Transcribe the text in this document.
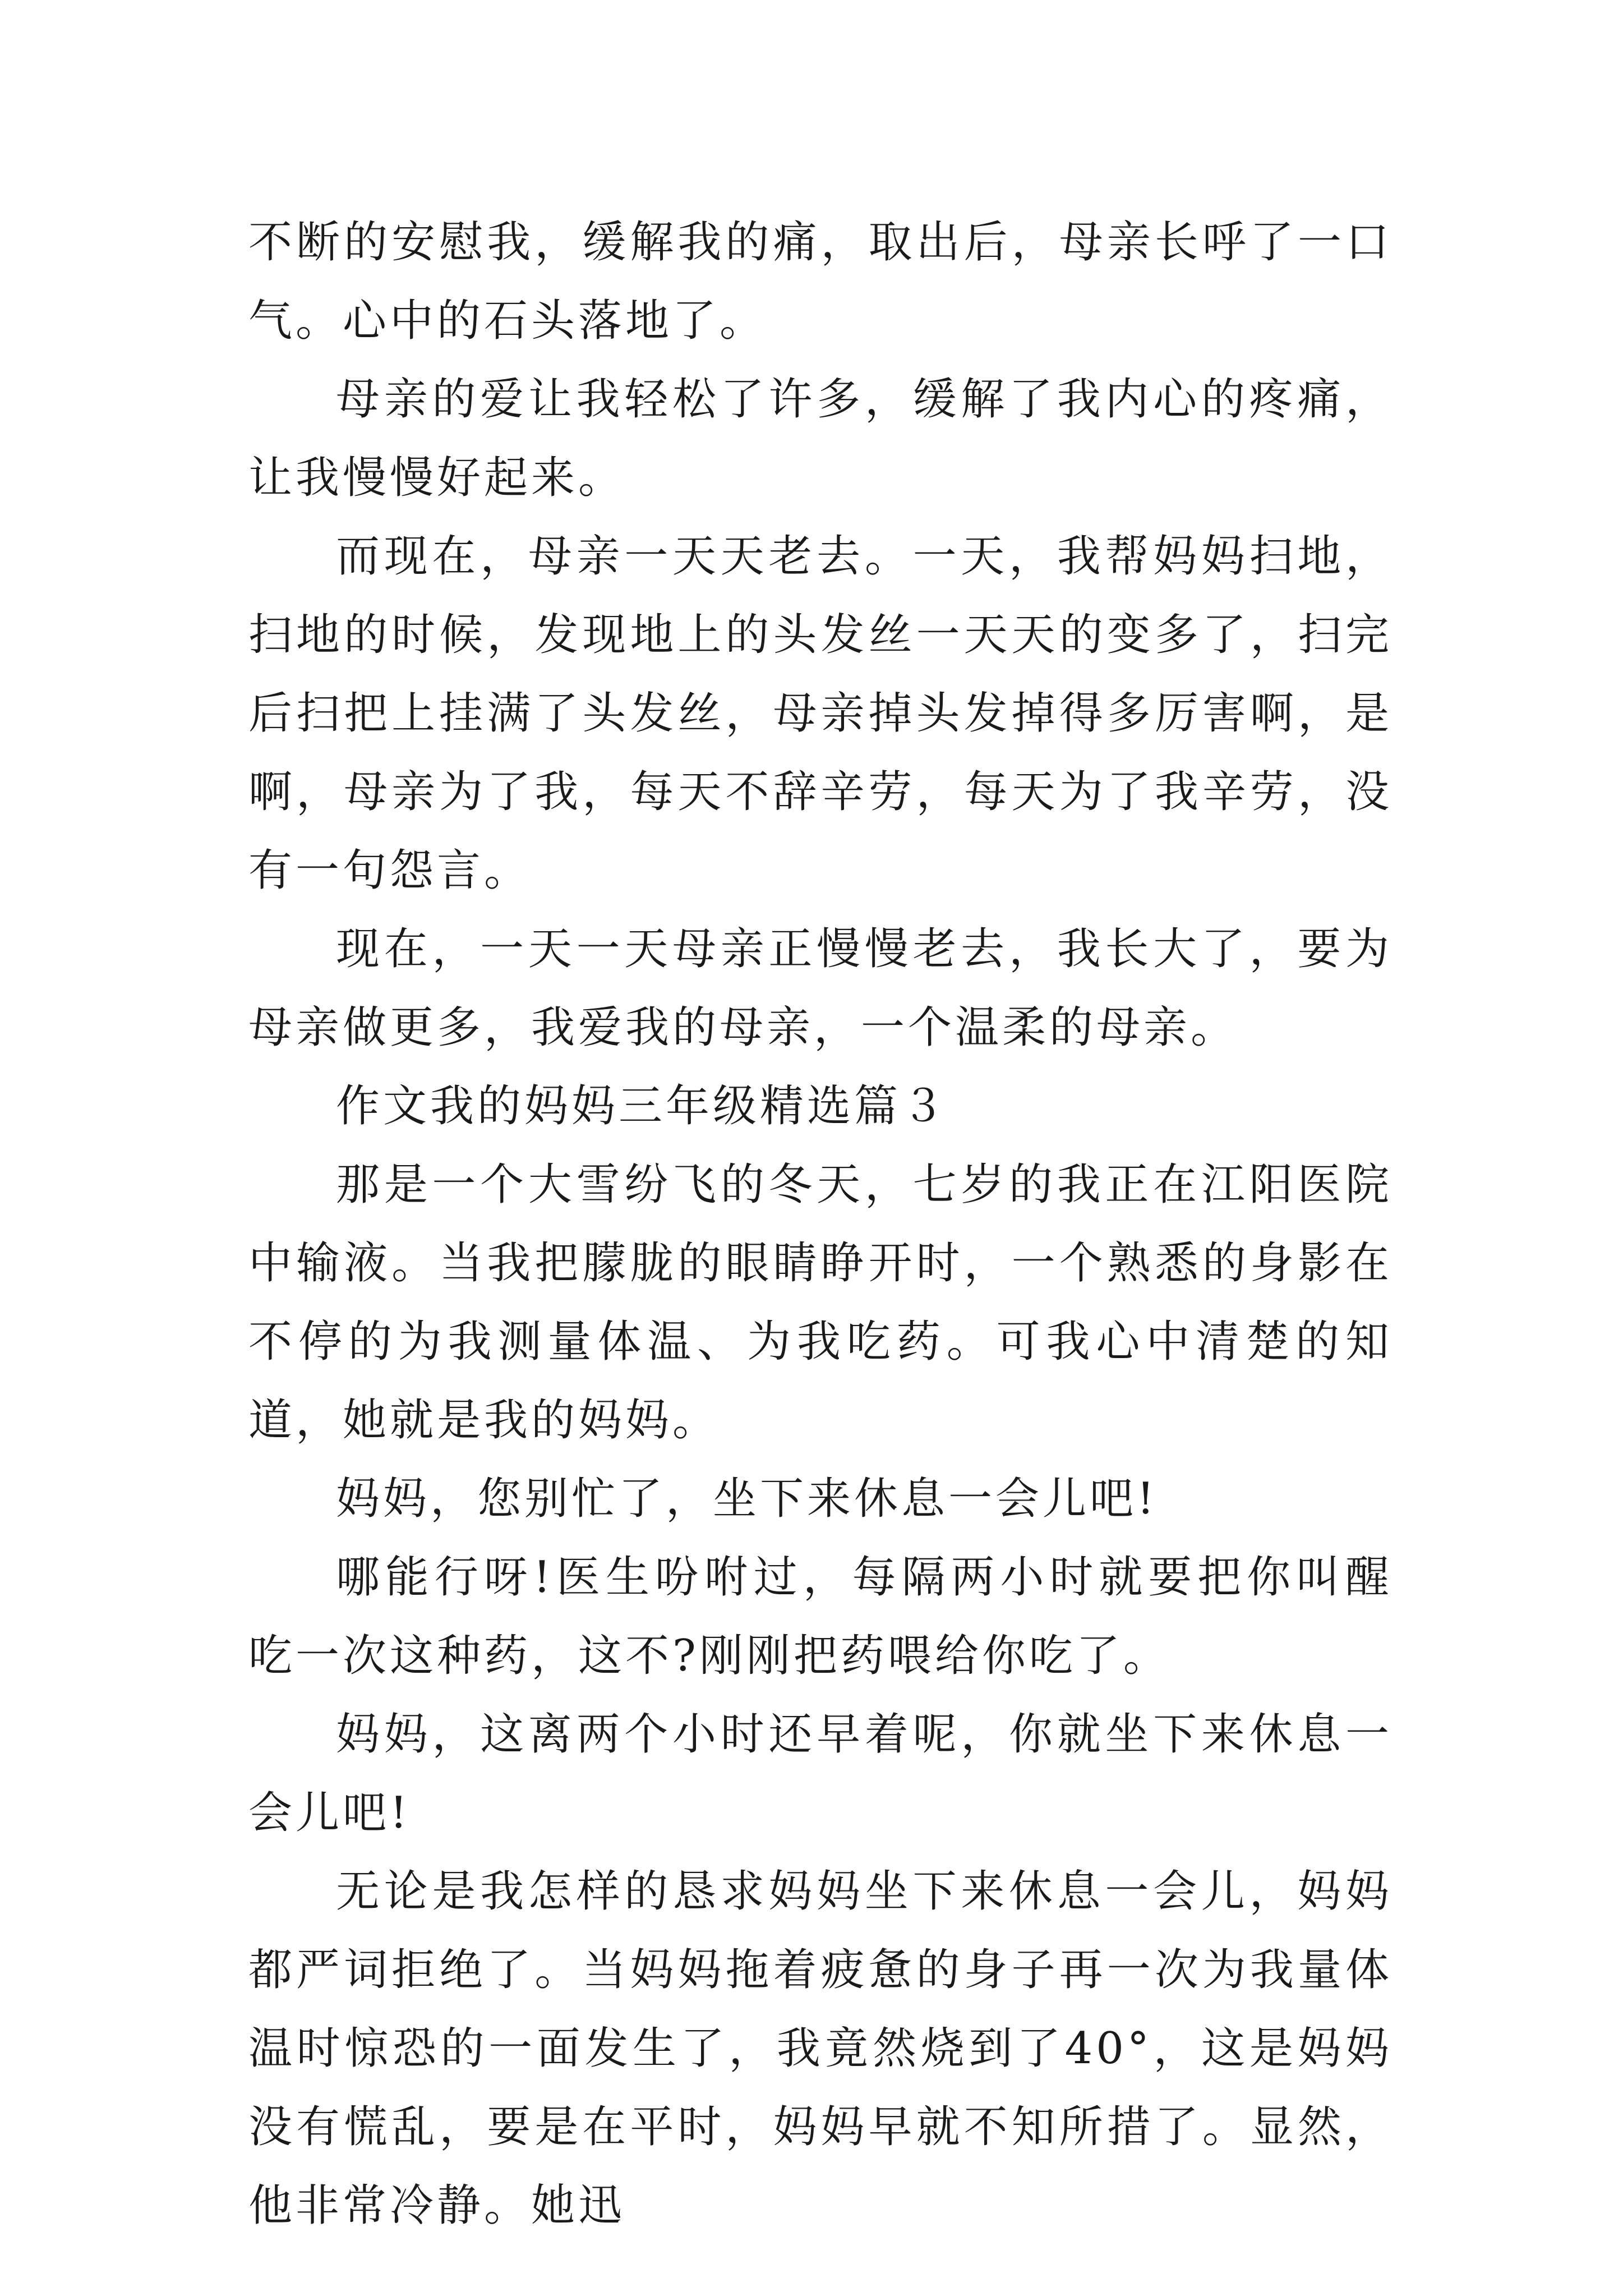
不断的安慰我，缓解我的痛，取出后，母亲长呼了一口气。心中的石头落地了。

母亲的爱让我轻松了许多，缓解了我内心的疼痛，让我慢慢好起来。

而现在，母亲一天天老去。一天，我帮妈妈扫地，扫地的时候，发现地上的头发丝一天天的变多了，扫完后扫把上挂满了头发丝，母亲掉头发掉得多厉害啊，是啊，母亲为了我，每天不辞辛劳，每天为了我辛劳，没有一句怨言。

现在，一天一天母亲正慢慢老去，我长大了，要为母亲做更多，我爱我的母亲，一个温柔的母亲。

作文我的妈妈三年级精选篇３

那是一个大雪纷飞的冬天，七岁的我正在江阳医院中输液。当我把朦胧的眼睛睁开时，一个熟悉的身影在不停的为我测量体温、为我吃药。可我心中清楚的知道，她就是我的妈妈。

妈妈，您别忙了，坐下来休息一会儿吧!

哪能行呀!医生吩咐过，每隔两小时就要把你叫醒吃一次这种药，这不?刚刚把药喂给你吃了。

妈妈，这离两个小时还早着呢，你就坐下来休息一会儿吧!

无论是我怎样的恳求妈妈坐下来休息一会儿，妈妈都严词拒绝了。当妈妈拖着疲惫的身子再一次为我量体温时惊恐的一面发生了，我竟然烧到了40°，这是妈妈没有慌乱，要是在平时，妈妈早就不知所措了。显然，他非常冷静。她迅
